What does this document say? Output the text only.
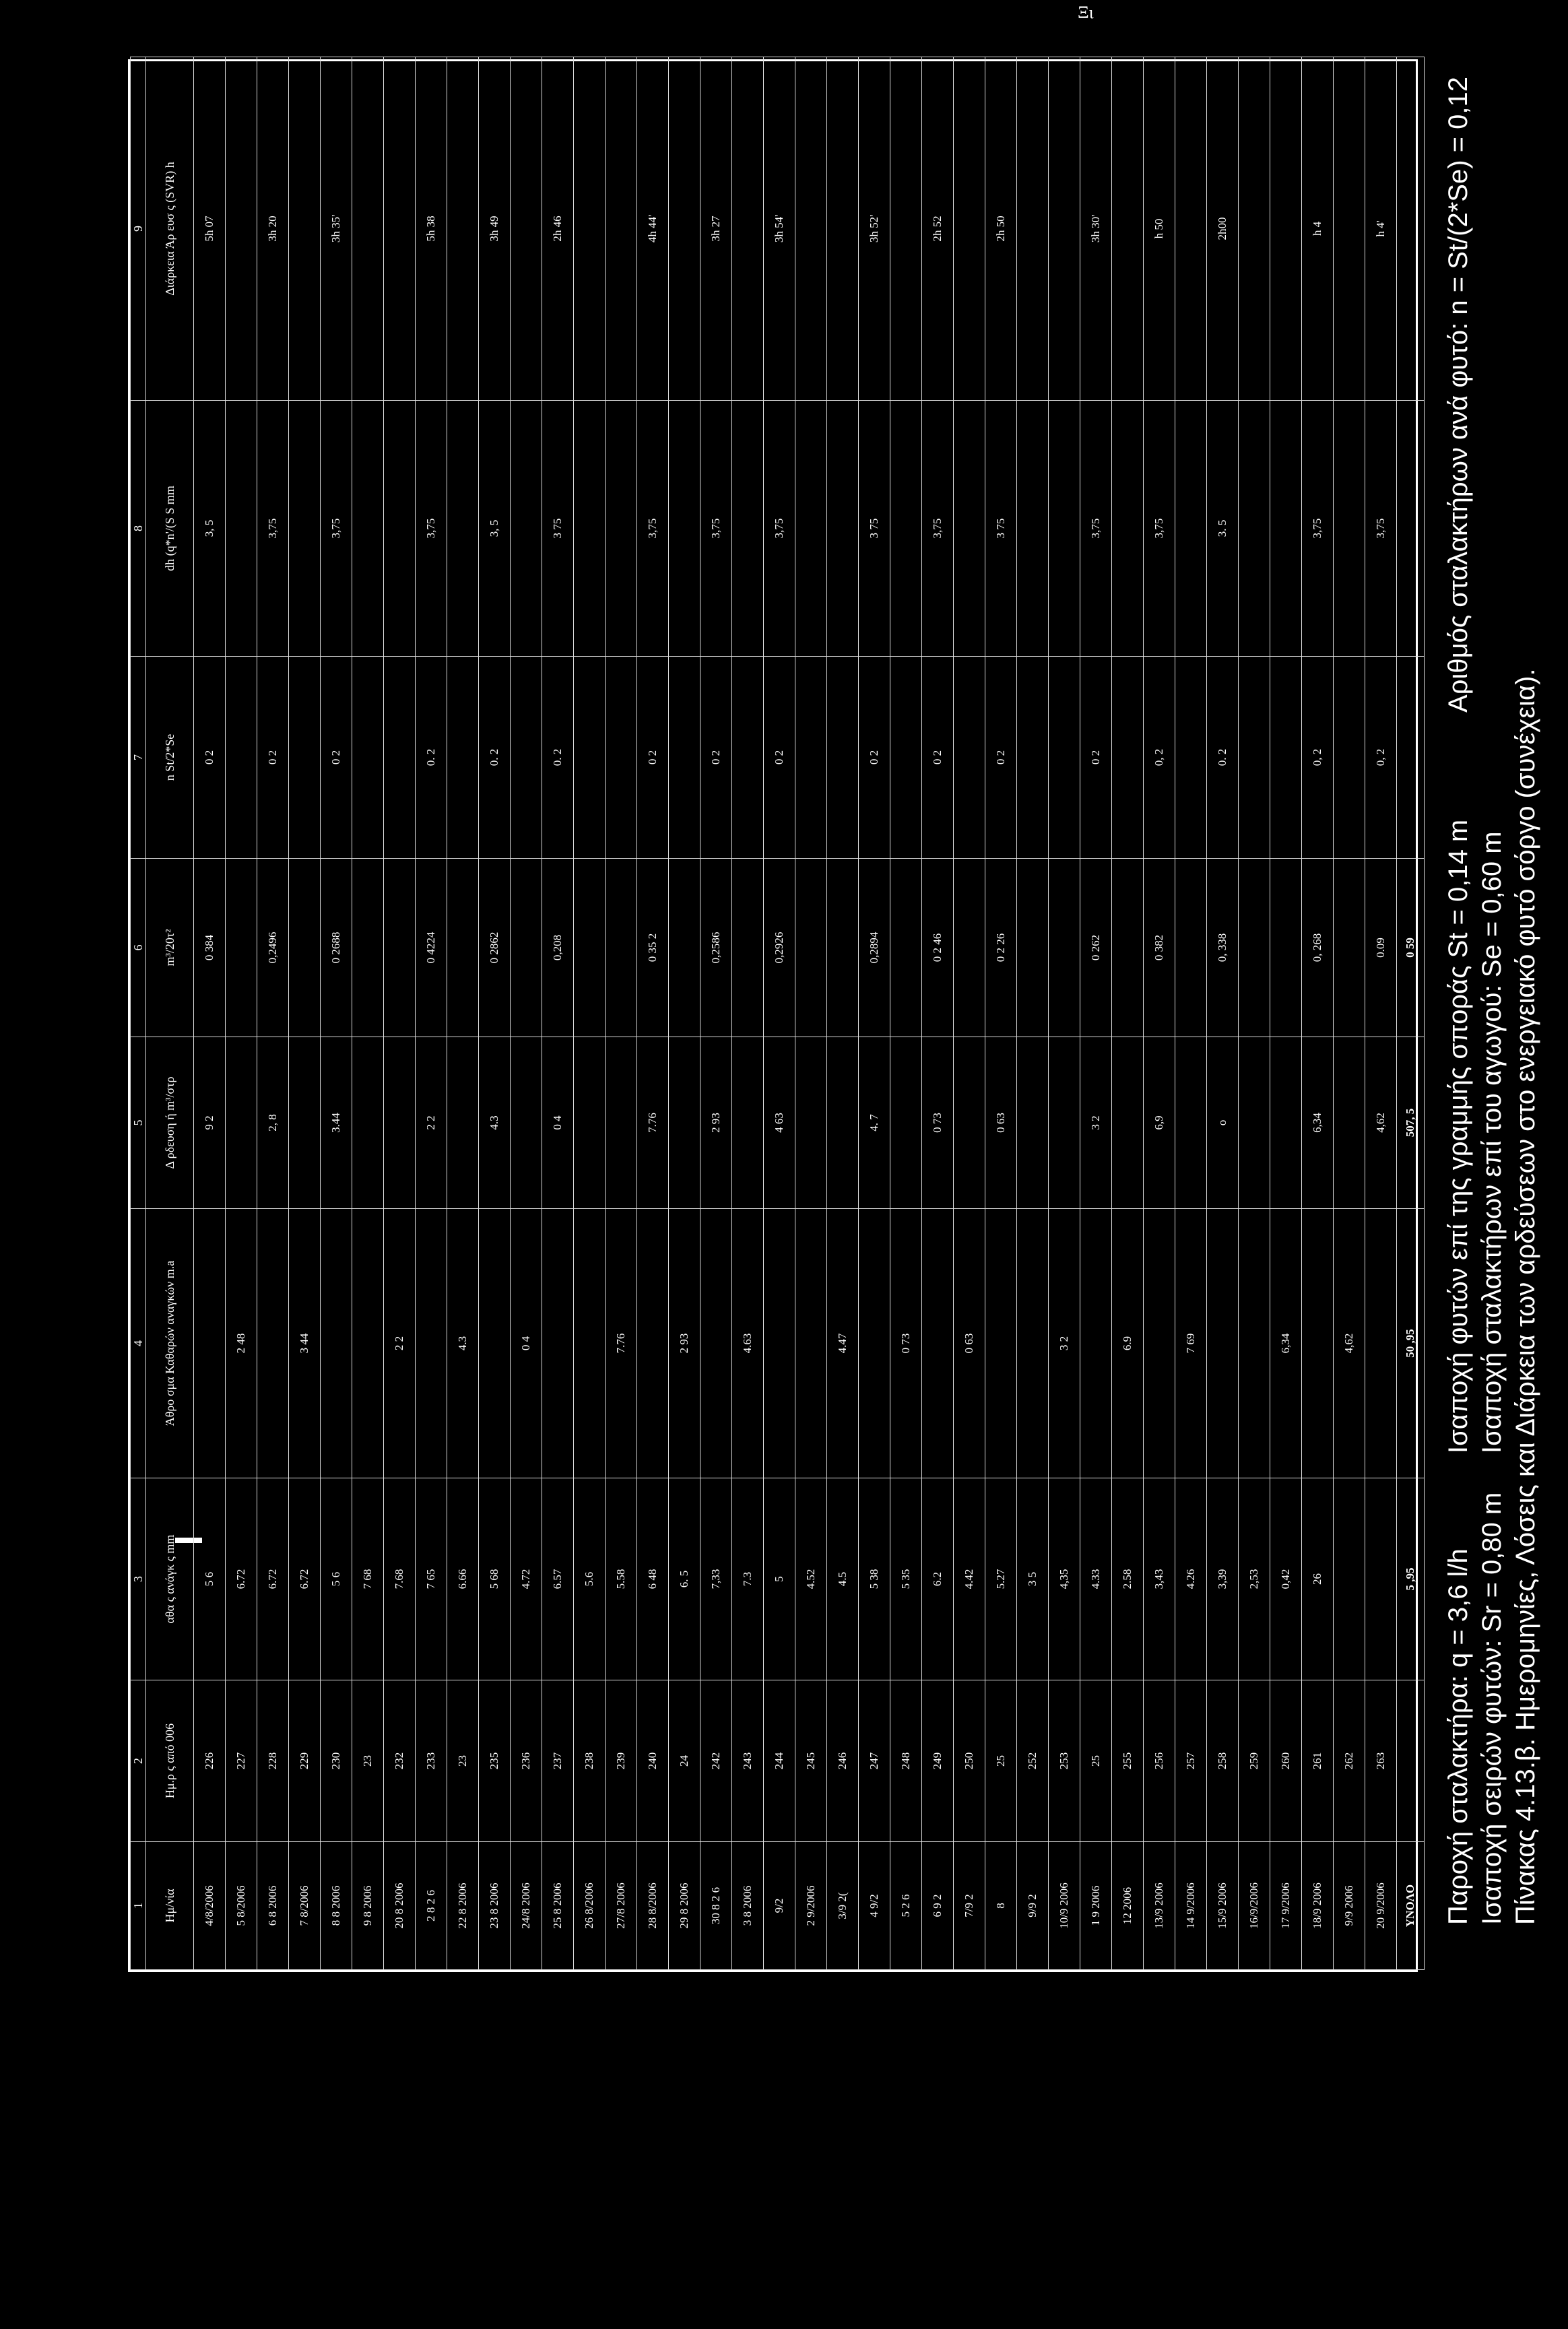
Ξι
1	2	3	4	5	6	7	8	9
Ημ/νία	Ημ.ρ ς από 006	αθα ς ανάγκ ς mm	Άθρο σμα Καθαρών αναγκών m.a	Δ ρδευση ή m³/στρ	m³/20τ²	n St/2*Se	dh (q*n'/(S S mm	Διάρκεια Άρ ευσ ς (SVR) h
4/8/2006	226	5 6		9 2	0 384	0 2	3, 5	5h 07
5 8/2006	227	6.72	2 48					
6 8 2006	228	6.72		2, 8	0,2496	0 2	3,75	3h 20
7 8/2006	229	6.72	3 44					
8 8 2006	230	5 6		3.44	0 2688	0 2	3,75	3h 35'
9 8 2006	23	7 68						
20 8 2006	232	7.68	2 2					
2 8 2 6	233	7 65		2 2	0 4224	0. 2	3,75	5h 38
22 8 2006	23	6.66	4.3					
23 8 2006	235	5 68		4.3	0 2862	0. 2	3, 5	3h 49
24/8 2006	236	4.72	0 4					
25 8 2006	237	6.57		0 4	0,208	0. 2	3 75	2h 46
26 8/2006	238	5.6						
27/8 2006	239	5.58	7.76					
28 8/2006	240	6 48		7.76	0 35 2	0 2	3,75	4h 44'
29 8 2006	24	6. 5	2 93					
30 8 2 6	242	7,33		2 93	0,2586	0 2	3,75	3h 27
3 8 2006	243	7.3	4.63					
9/2	244	5		4 63	0,2926	0 2	3,75	3h 54'
2 9/2006	245	4.52						
3/9 2(	246	4.5	4.47					
4 9/2	247	5 38		4. 7	0,2894	0 2	3 75	3h 52'
5 2 6	248	5 35	0 73					
6 9 2	249	6.2		0 73	0 2 46	0 2	3,75	2h 52
7/9 2	250	4.42	0 63					
8	25	5.27		0 63	0 2 26	0 2	3 75	2h 50
9/9 2	252	3 5						
10/9 2006	253	4,35	3 2					
1 9 2006	25	4.33		3 2	0 262	0 2	3,75	3h 30'
12 2006	255	2.58	6.9					
13/9 2006	256	3,43		6,9	0 382	0, 2	3,75	h 50
14 9/2006	257	4.26	7 69					
15/9 2006	258	3,39		o	0, 338	0. 2	3. 5	2h00
16/9/2006	259	2,53						
17 9/2006	260	0,42	6,34					
18/9 2006	261	26		6,34	0, 268	0, 2	3,75	h 4
9/9 2006	262		4,62					
20 9/2006	263			4,62	0.09	0, 2	3,75	h 4'
YNOΛO		5 ,95	50 ,95	507, 5	0 59			
Παροχή σταλακτήρα: q = 3,6 l/hΙσαποχή φυτών επί της γραμμής σποράς St = 0,14 mΑριθμός σταλακτήρων ανά φυτό: n = St/(2*Se) = 0,12
Ισαποχή σειρών φυτών: Sr = 0,80 mΙσαποχή σταλακτήρων επί του αγωγού: Se = 0,60 m Πίνακας 4.13.β. Ημερομηνίες, Λόσεις και Διάρκεια των αρδεύσεων στο ενεργειακό φυτό σόργο (συνέχεια).
